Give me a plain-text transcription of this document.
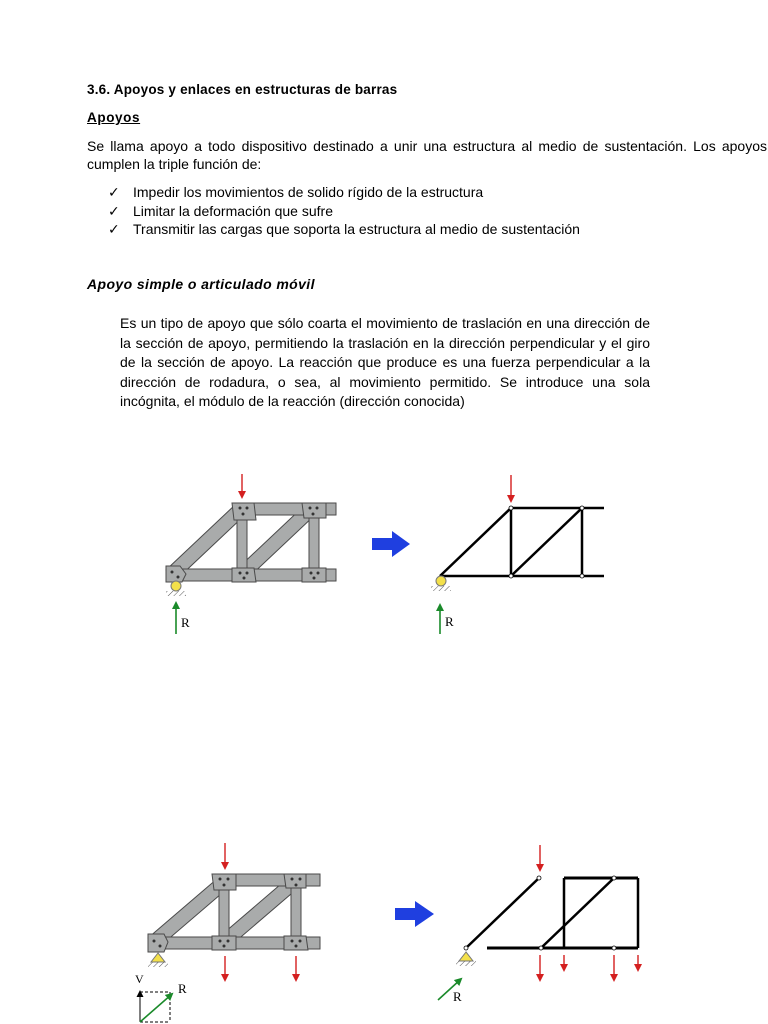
3.6. Apoyos y enlaces en estructuras de barras
Apoyos
Se llama apoyo a todo dispositivo destinado a unir una estructura al medio de sustentación. Los apoyos cumplen la triple función de:
✓ Impedir los movimientos de solido rígido de la estructura
✓ Limitar la deformación que sufre
✓ Transmitir las cargas que soporta la estructura al medio de sustentación
Apoyo simple o articulado móvil
Es un tipo de apoyo que sólo coarta el movimiento de traslación en una dirección de la sección de apoyo, permitiendo la traslación en la dirección perpendicular y el giro de la sección de apoyo. La reacción que produce es una fuerza perpendicular a la dirección de rodadura, o sea, al movimiento permitido. Se introduce una sola incógnita, el módulo de la reacción (dirección conocida)
R	R
V
R
R
